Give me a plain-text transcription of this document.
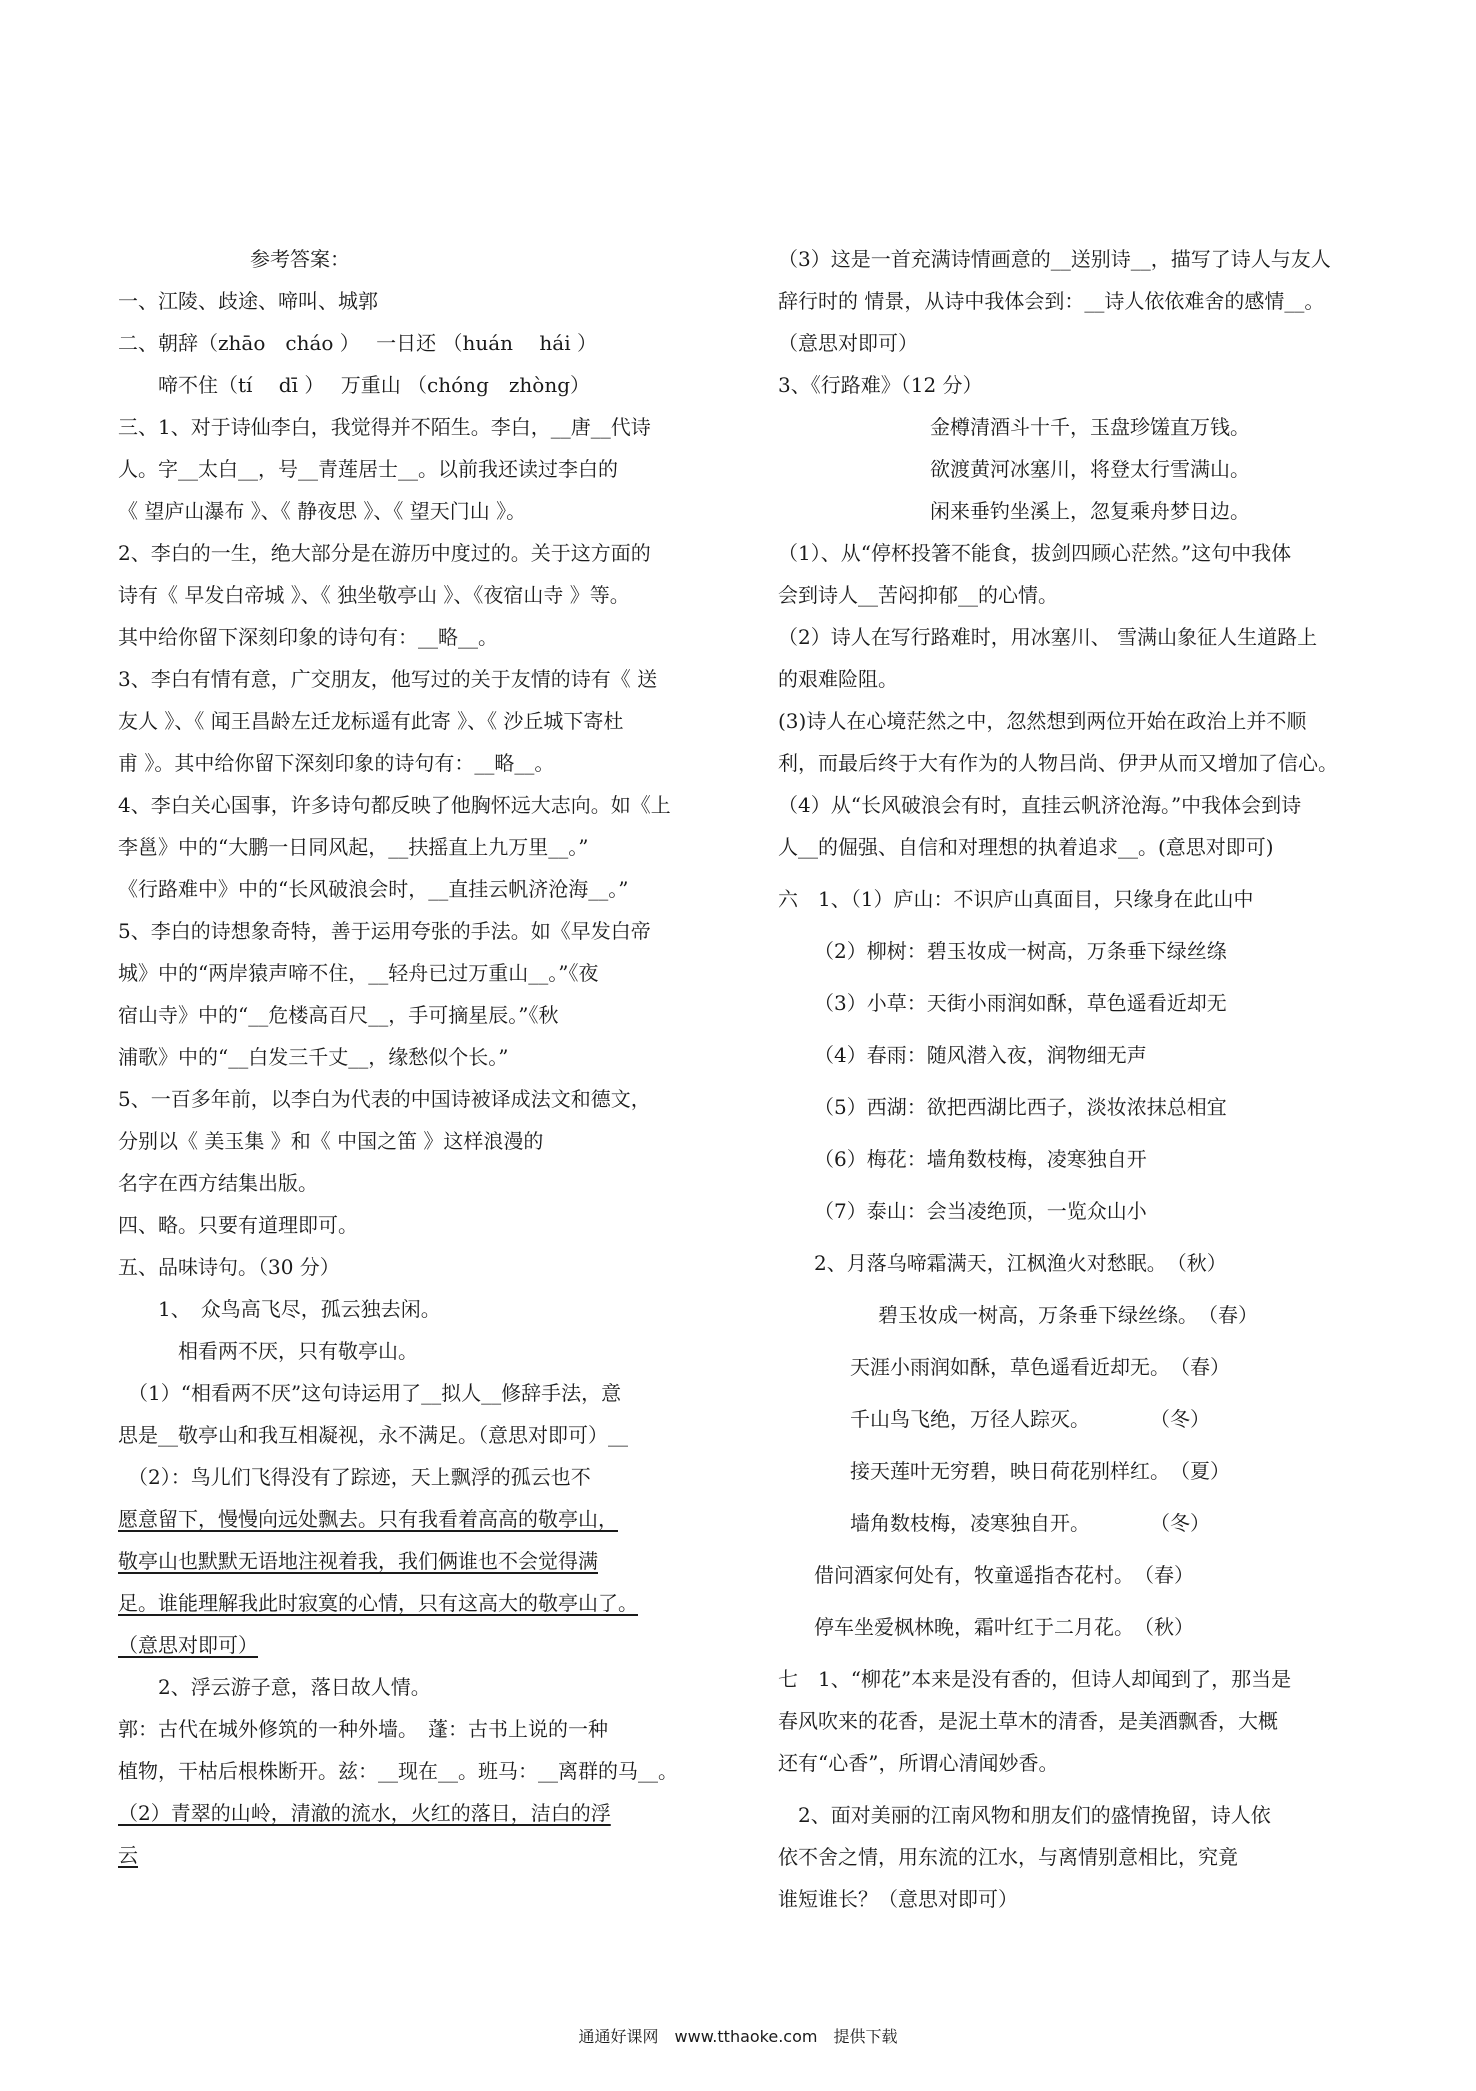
　　　参考答案：
一、江陵、歧途、啼叫、城郭
二、朝辞（zhāo　cháo ）　 一日还 （huán　 hái ）
　　啼不住（tí　 dī ）　 万重山 （chóng　zhòng）
三、1、对于诗仙李白，我觉得并不陌生。李白，__唐__代诗
人。字__太白__，号__青莲居士__。以前我还读过李白的
《 望庐山瀑布 》、《 静夜思 》、《 望天门山 》。
2、李白的一生，绝大部分是在游历中度过的。关于这方面的
诗有《 早发白帝城 》、《 独坐敬亭山 》、《夜宿山寺 》等。
其中给你留下深刻印象的诗句有：__略__。
3、李白有情有意，广交朋友，他写过的关于友情的诗有《 送
友人 》、《 闻王昌龄左迁龙标遥有此寄 》、《 沙丘城下寄杜
甫 》。其中给你留下深刻印象的诗句有：__略__。
4、李白关心国事，许多诗句都反映了他胸怀远大志向。如《上
李邕》中的“大鹏一日同风起，__扶摇直上九万里__。”
《行路难中》中的“长风破浪会时，__直挂云帆济沧海__。”
5、李白的诗想象奇特，善于运用夸张的手法。如《早发白帝
城》中的“两岸猿声啼不住，__轻舟已过万重山__。”《夜
宿山寺》中的“__危楼高百尺__，手可摘星辰。”《秋
浦歌》中的“__白发三千丈__，缘愁似个长。”
5、一百多年前，以李白为代表的中国诗被译成法文和德文，
分别以《 美玉集 》和《 中国之笛 》这样浪漫的
名字在西方结集出版。
四、略。只要有道理即可。
五、品味诗句。（30 分）
　　1、　众鸟高飞尽，孤云独去闲。
　　　相看两不厌，只有敬亭山。
　（1）“相看两不厌”这句诗运用了__拟人__修辞手法，意
思是__敬亭山和我互相凝视，永不满足。（意思对即可）__
　（2）：鸟儿们飞得没有了踪迹，天上飘浮的孤云也不
愿意留下，慢慢向远处飘去。只有我看着高高的敬亭山，
敬亭山也默默无语地注视着我，我们俩谁也不会觉得满
足。谁能理解我此时寂寞的心情，只有这高大的敬亭山了。
（意思对即可）
　　2、浮云游子意，落日故人情。
郭：古代在城外修筑的一种外墙。　蓬：古书上说的一种
植物，干枯后根株断开。兹：__现在__。班马：__离群的马__。
（2）青翠的山岭，清澈的流水，火红的落日，洁白的浮
云
（3）这是一首充满诗情画意的__送别诗__，描写了诗人与友人
辞行时的 情景，从诗中我体会到：__诗人依依难舍的感情__。
（意思对即可）
3、《行路难》（12 分）
　　　　金樽清酒斗十千，玉盘珍馐直万钱。
　　　　欲渡黄河冰塞川，将登太行雪满山。
　　　　闲来垂钓坐溪上，忽复乘舟梦日边。
（1）、从“停杯投箸不能食，拔剑四顾心茫然。”这句中我体
会到诗人__苦闷抑郁__的心情。
（2）诗人在写行路难时，用冰塞川、 雪满山象征人生道路上
的艰难险阻。
(3)诗人在心境茫然之中，忽然想到两位开始在政治上并不顺
利，而最后终于大有作为的人物吕尚、伊尹从而又增加了信心。
（4）从“长风破浪会有时，直挂云帆济沧海。”中我体会到诗
人__的倔强、自信和对理想的执着追求__。(意思对即可)
六　1、（1）庐山：不识庐山真面目，只缘身在此山中
（2）柳树：碧玉妆成一树高，万条垂下绿丝绦
（3）小草：天街小雨润如酥，草色遥看近却无
（4）春雨：随风潜入夜，润物细无声
（5）西湖：欲把西湖比西子，淡妆浓抹总相宜
（6）梅花：墙角数枝梅，凌寒独自开
（7）泰山：会当凌绝顶，一览众山小
2、月落乌啼霜满天，江枫渔火对愁眠。　（秋）
碧玉妆成一树高，万条垂下绿丝绦。　（春）
天涯小雨润如酥，草色遥看近却无。　（春）
千山鸟飞绝，万径人踪灭。　　　　（冬）
接天莲叶无穷碧，映日荷花别样红。　（夏）
墙角数枝梅，凌寒独自开。　　　　（冬）
借问酒家何处有，牧童遥指杏花村。　（春）
停车坐爱枫林晚，霜叶红于二月花。　（秋）
七　1、“柳花”本来是没有香的，但诗人却闻到了，那当是
春风吹来的花香，是泥土草木的清香，是美酒飘香，大概
还有“心香”，所谓心清闻妙香。
　2、面对美丽的江南风物和朋友们的盛情挽留，诗人依
依不舍之情，用东流的江水，与离情别意相比，究竟
谁短谁长？（意思对即可）
通通好课网　www.tthaoke.com　提供下载
